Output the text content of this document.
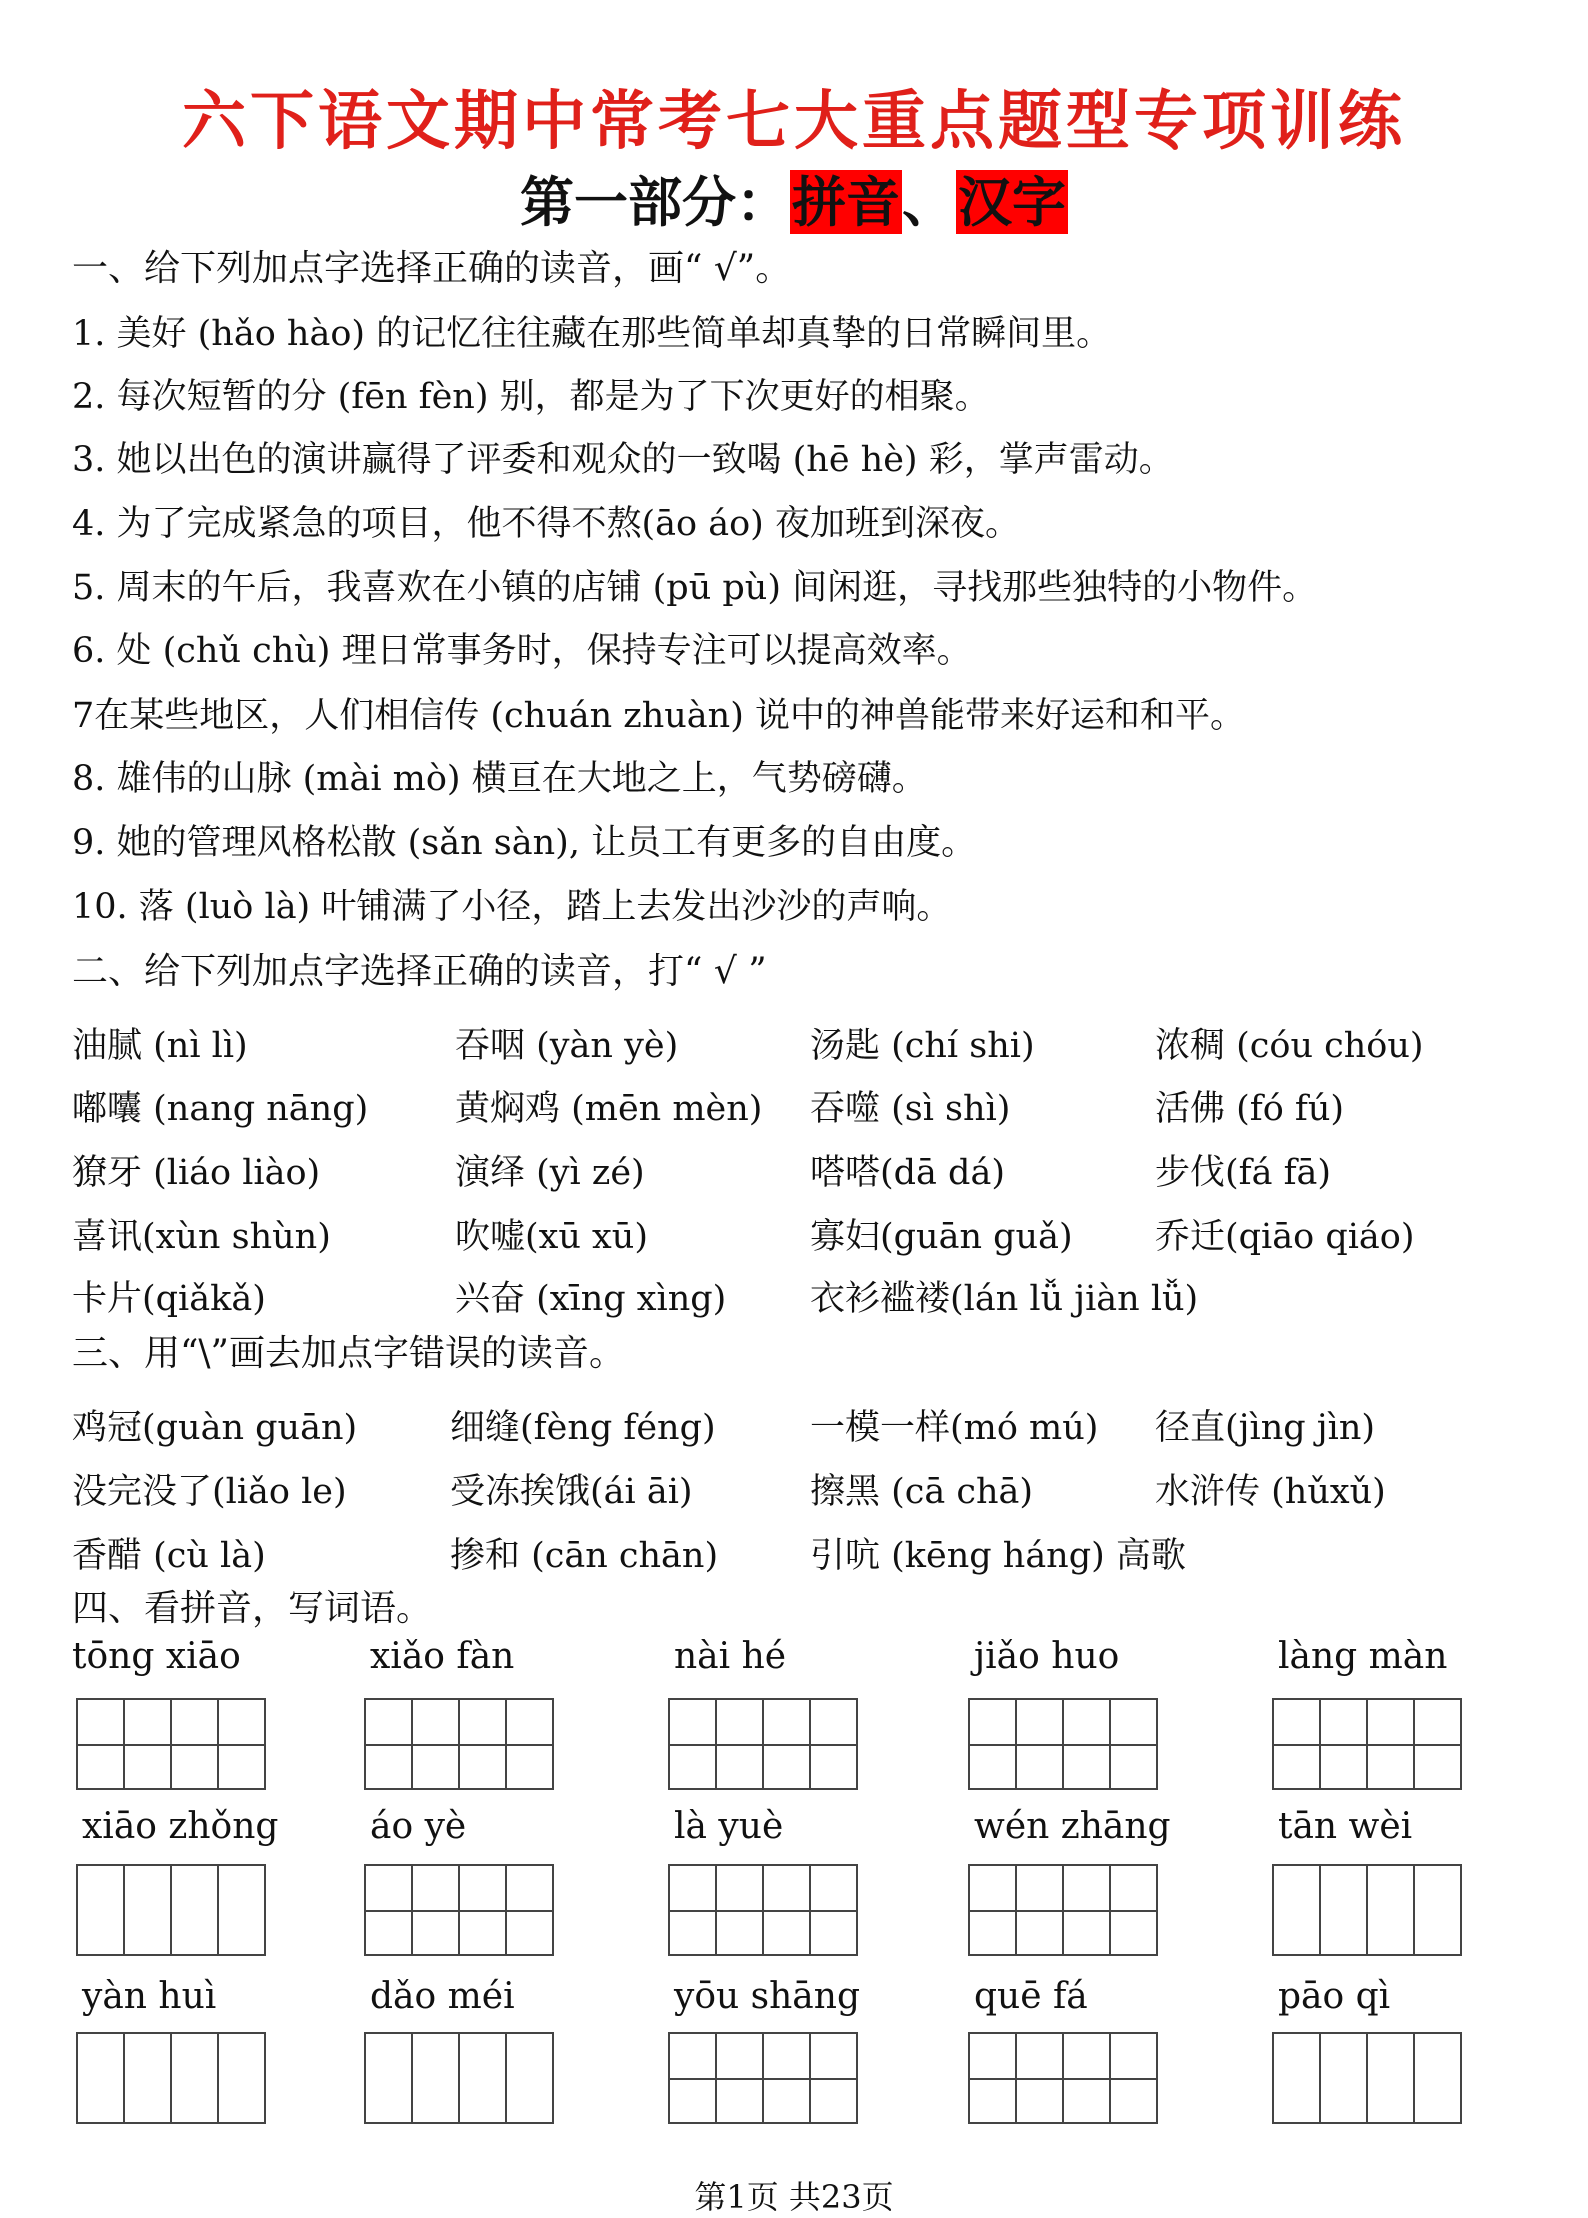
六下语文期中常考七大重点题型专项训练
第一部分：拼音、汉字
一、给下列加点字选择正确的读音，画“ √”。
1. 美好 (hǎo hào) 的记忆往往藏在那些简单却真挚的日常瞬间里。
2. 每次短暂的分 (fēn fèn) 别，都是为了下次更好的相聚。
3. 她以出色的演讲赢得了评委和观众的一致喝 (hē hè) 彩，掌声雷动。
4. 为了完成紧急的项目，他不得不熬(āo áo) 夜加班到深夜。
5. 周末的午后，我喜欢在小镇的店铺 (pū pù) 间闲逛，寻找那些独特的小物件。
6. 处 (chǔ chù) 理日常事务时，保持专注可以提高效率。
7在某些地区，人们相信传 (chuán zhuàn) 说中的神兽能带来好运和和平。
8. 雄伟的山脉 (mài mò) 横亘在大地之上，气势磅礴。
9. 她的管理风格松散 (sǎn sàn), 让员工有更多的自由度。
10. 落 (luò là) 叶铺满了小径，踏上去发出沙沙的声响。
二、给下列加点字选择正确的读音，打“ √ ”
油腻 (nì lì)	吞咽 (yàn yè)	汤匙 (chí shi)	浓稠 (cóu chóu)
嘟囔 (nang nāng) 黄焖鸡 (mēn mèn) 吞噬 (sì shì)	活佛 (fó fú)
獠牙 (liáo liào)	演绎 (yì zé)	嗒嗒(dā dá)	步伐(fá fā)
喜讯(xùn shùn)	吹嘘(xū xū)	寡妇(guān guǎ) 乔迁(qiāo qiáo)
卡片(qiǎkǎ)	兴奋 (xīng xìng) 衣衫褴褛(lán lǚ jiàn lǚ)
三、用“\”画去加点字错误的读音。
鸡冠(guàn guān)	细缝(fèng féng)	一模一样(mó mú) 径直(jìng jìn)
没完没了(liǎo le)	受冻挨饿(ái āi)	擦黑 (cā chā)	水浒传 (hǔxǔ)
香醋 (cù là)	掺和 (cān chān)	引吭 (kēng háng) 高歌
四、看拼音，写词语。
tōng xiāo	xiǎo fàn	nài hé	jiǎo huo	làng màn
xiāo zhǒng	áo yè	là yuè	wén zhāng	tān wèi
yàn huì	dǎo méi	yōu shāng	quē fá	pāo qì
第1页 共23页
